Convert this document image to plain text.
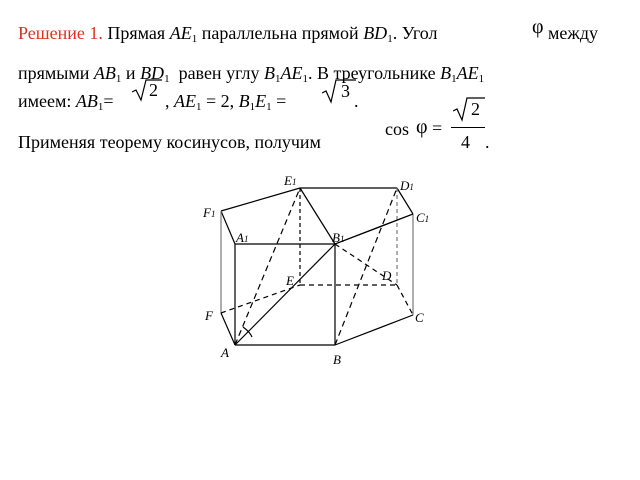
Решение 1. Прямая $AE_1$ параллельна прямой $BD_1$. Угол	φ между
прямыми $AB_1$ и $BD_1$ равен углу $B_1AE_1$. В треугольнике $B_1AE_1$
имеем: $AB_1=$
2
, $AE_1 = 2$, $B_1E_1$ =	3 .
cos φ =
2
4
Применяя теорему косинусов, получим	.
E1	D1
F1	C1
A1	B1
E	D
F	C
A	B
